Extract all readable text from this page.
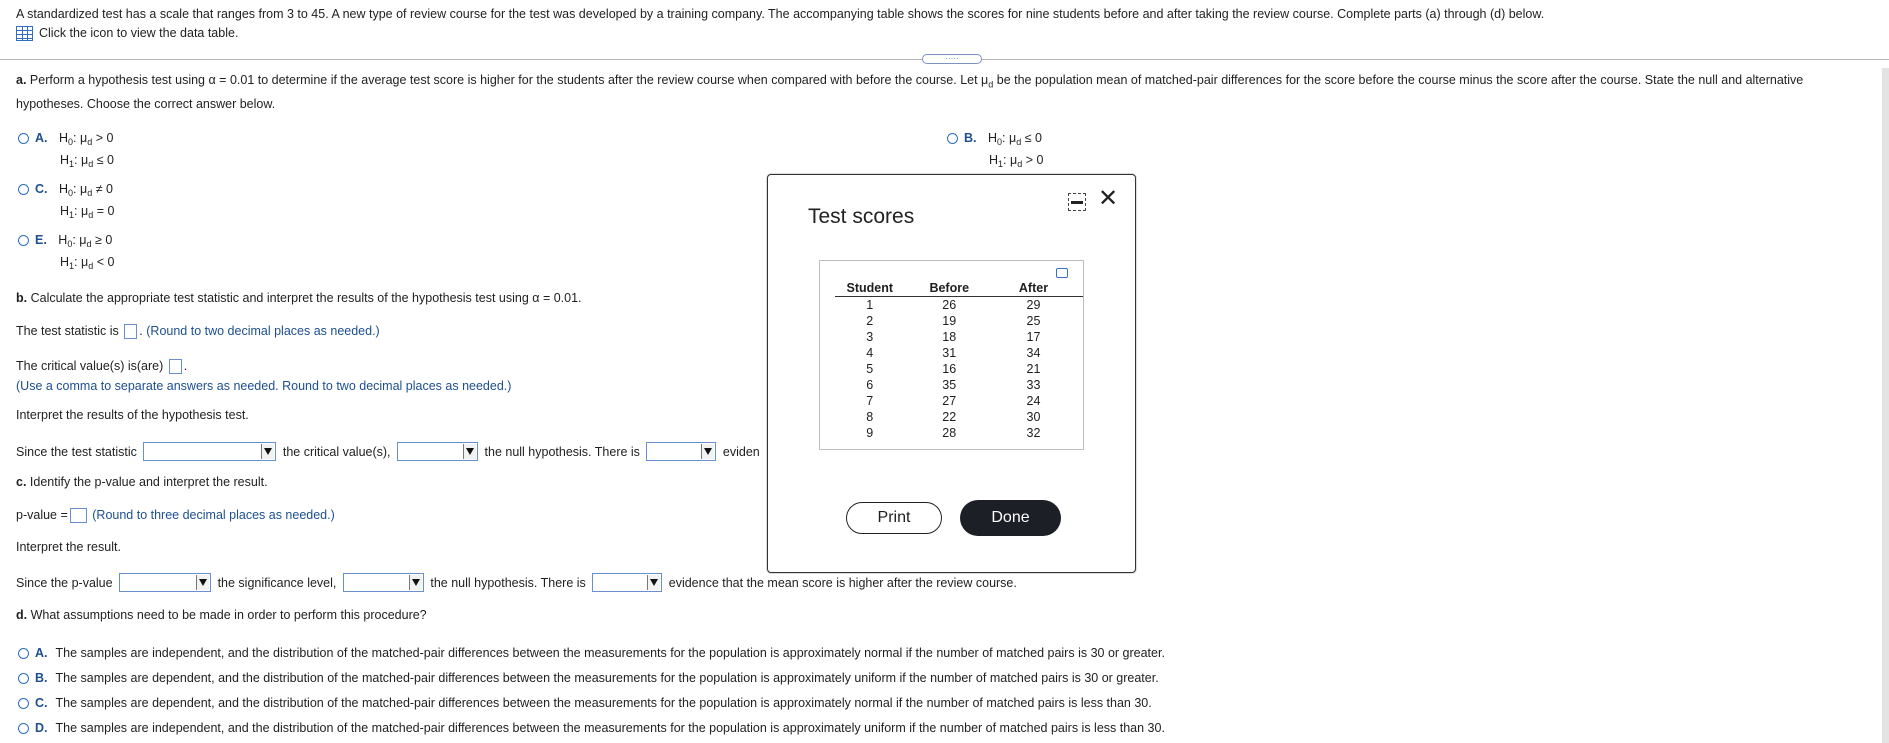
A standardized test has a scale that ranges from 3 to 45. A new type of review course for the test was developed by a training company. The accompanying table shows the scores for nine students before and after taking the review course. Complete parts (a) through (d) below.
Click the icon to view the data table.
·····
a. Perform a hypothesis test using α = 0.01 to determine if the average test score is higher for the students after the review course when compared with before the course. Let $\mu_d$ be the population mean of matched-pair differences for the score before the course minus the score after the course. State the null and alternative
hypotheses. Choose the correct answer below.
A. $H_0$: $\mu_d > 0$
$H_1$: $\mu_d \le 0$
B. $H_0$: $\mu_d \le 0$
$H_1$: $\mu_d > 0$
C. $H_0$: $\mu_d \ne 0$
$H_1$: $\mu_d = 0$
E. $H_0$: $\mu_d \ge 0$
$H_1$: $\mu_d < 0$
b. Calculate the appropriate test statistic and interpret the results of the hypothesis test using α = 0.01.
The test statistic is . (Round to two decimal places as needed.)
The critical value(s) is(are) .
(Use a comma to separate answers as needed. Round to two decimal places as needed.)
Interpret the results of the hypothesis test.
Since the test statistic	the critical value(s),	the null hypothesis. There is	eviden
c. Identify the p-value and interpret the result.
p-value = (Round to three decimal places as needed.)
Interpret the result.
Since the p-value	the significance level,	the null hypothesis. There is	evidence that the mean score is higher after the review course.
d. What assumptions need to be made in order to perform this procedure?
A. The samples are independent, and the distribution of the matched-pair differences between the measurements for the population is approximately normal if the number of matched pairs is 30 or greater.
B. The samples are dependent, and the distribution of the matched-pair differences between the measurements for the population is approximately uniform if the number of matched pairs is 30 or greater.
C. The samples are dependent, and the distribution of the matched-pair differences between the measurements for the population is approximately normal if the number of matched pairs is less than 30.
D. The samples are independent, and the distribution of the matched-pair differences between the measurements for the population is approximately uniform if the number of matched pairs is less than 30.
Test scores
✕
Student	Before	After
1	26	29
2	19	25
3	18	17
4	31	34
5	16	21
6	35	33
7	27	24
8	22	30
9	28	32
Print	Done
